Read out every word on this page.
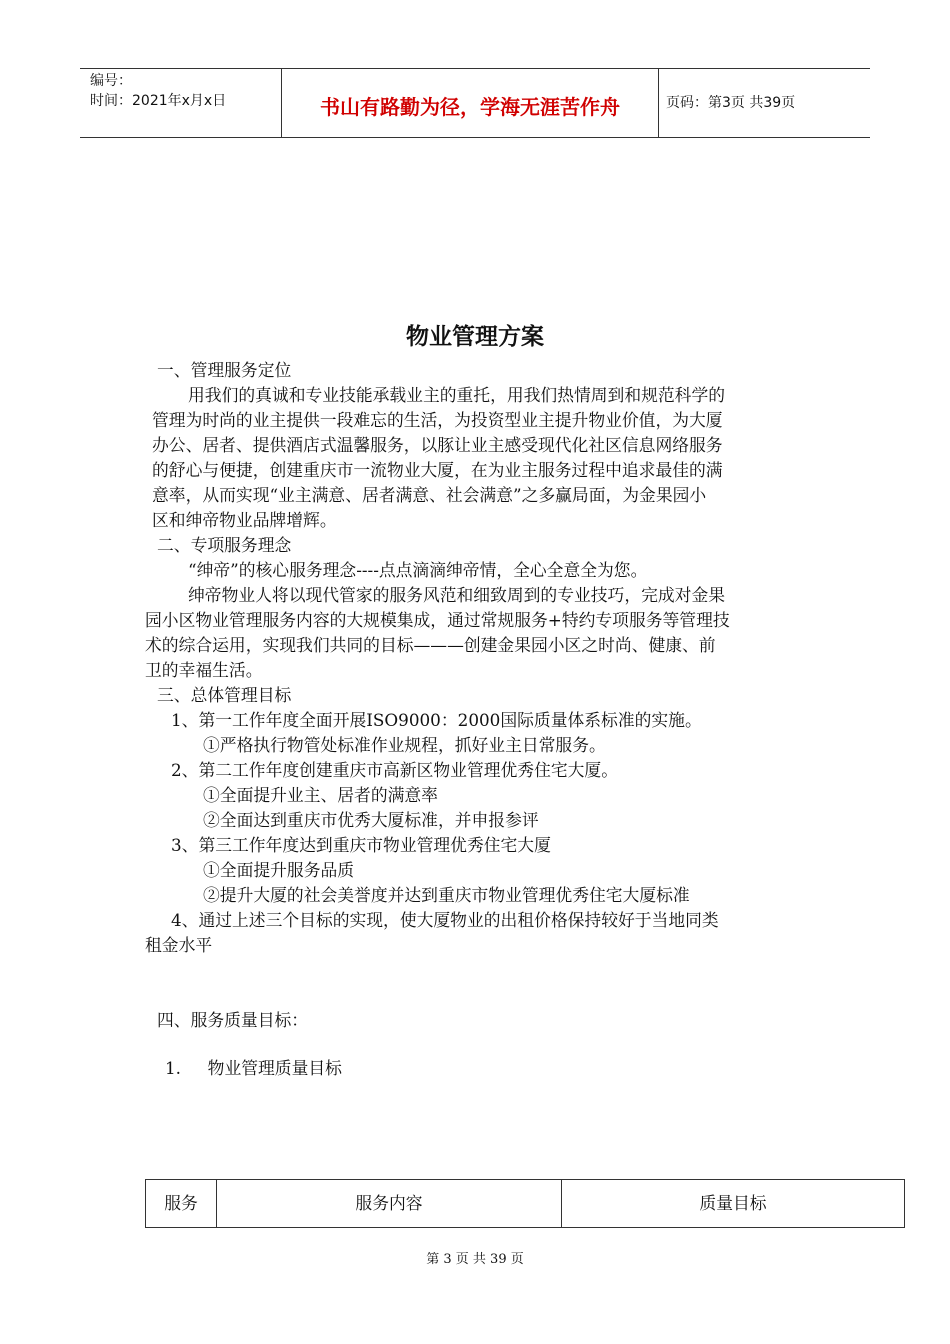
编号：
时间：2021年x月x日	书山有路勤为径，学海无涯苦作舟	页码：第3页 共39页
物业管理方案
一、管理服务定位
用我们的真诚和专业技能承载业主的重托，用我们热情周到和规范科学的
管理为时尚的业主提供一段难忘的生活，为投资型业主提升物业价值，为大厦
办公、居者、提供酒店式温馨服务，以豚让业主感受现代化社区信息网络服务
的舒心与便捷，创建重庆市一流物业大厦，在为业主服务过程中追求最佳的满
意率，从而实现“业主满意、居者满意、社会满意”之多赢局面，为金果园小
区和绅帝物业品牌增辉。
二、专项服务理念
“绅帝”的核心服务理念----点点滴滴绅帝情，全心全意全为您。
绅帝物业人将以现代管家的服务风范和细致周到的专业技巧，完成对金果
园小区物业管理服务内容的大规模集成，通过常规服务+特约专项服务等管理技
术的综合运用，实现我们共同的目标———创建金果园小区之时尚、健康、前
卫的幸福生活。
三、总体管理目标
1、第一工作年度全面开展ISO9000：2000国际质量体系标准的实施。
①严格执行物管处标准作业规程，抓好业主日常服务。
2、第二工作年度创建重庆市高新区物业管理优秀住宅大厦。
①全面提升业主、居者的满意率
②全面达到重庆市优秀大厦标准，并申报参评
3、第三工作年度达到重庆市物业管理优秀住宅大厦
①全面提升服务品质
②提升大厦的社会美誉度并达到重庆市物业管理优秀住宅大厦标准
4、通过上述三个目标的实现，使大厦物业的出租价格保持较好于当地同类
租金水平
四、服务质量目标：
1.     物业管理质量目标
服务	服务内容	质量目标
第 3 页 共 39 页
